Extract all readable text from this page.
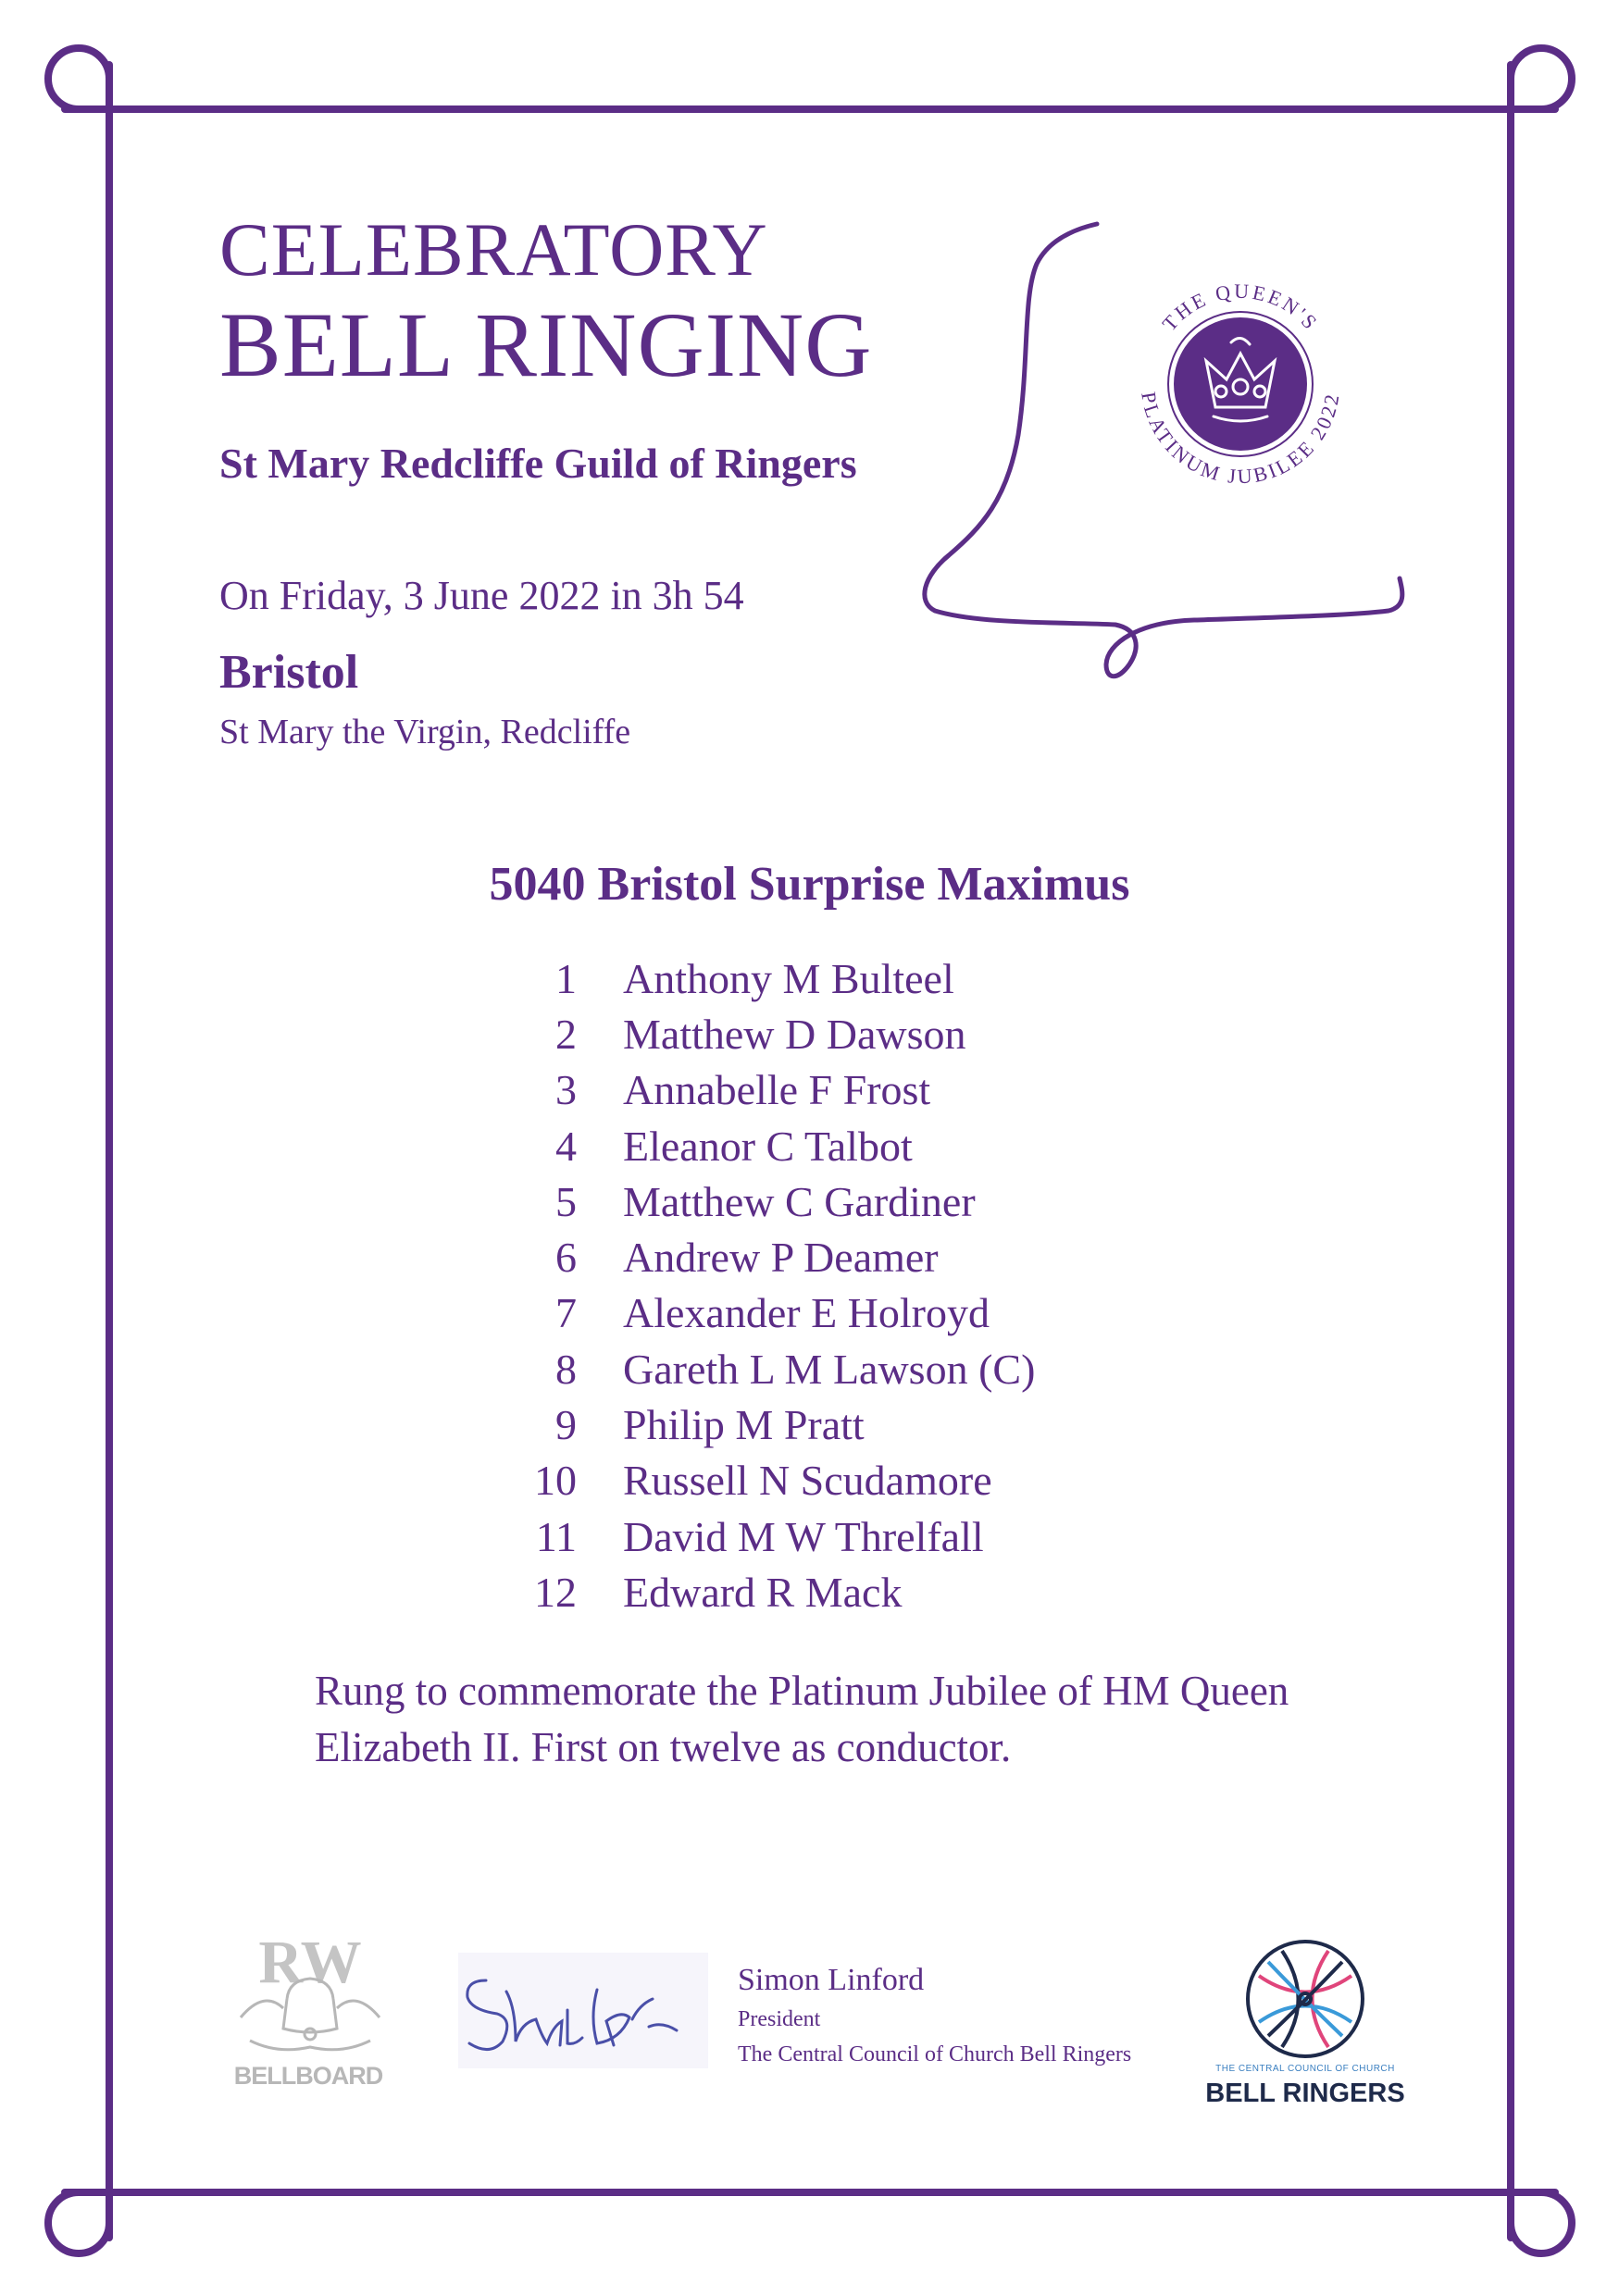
CELEBRATORY
BELL RINGING
St Mary Redcliffe Guild of Ringers
On Friday, 3 June 2022 in 3h 54
Bristol
St Mary the Virgin, Redcliffe
THE QUEEN'S
PLATINUM JUBILEE 2022
5040 Bristol Surprise Maximus
1 Anthony M Bulteel
2 Matthew D Dawson
3 Annabelle F Frost
4 Eleanor C Talbot
5 Matthew C Gardiner
6 Andrew P Deamer
7 Alexander E Holroyd
8 Gareth L M Lawson (C)
9 Philip M Pratt
10 Russell N Scudamore
11 David M W Threlfall
12 Edward R Mack
Rung to commemorate the Platinum Jubilee of HM Queen Elizabeth II. First on twelve as conductor.
RW
BELLBOARD
Simon Linford
President
The Central Council of Church Bell Ringers
THE CENTRAL COUNCIL OF CHURCH
BELL RINGERS
